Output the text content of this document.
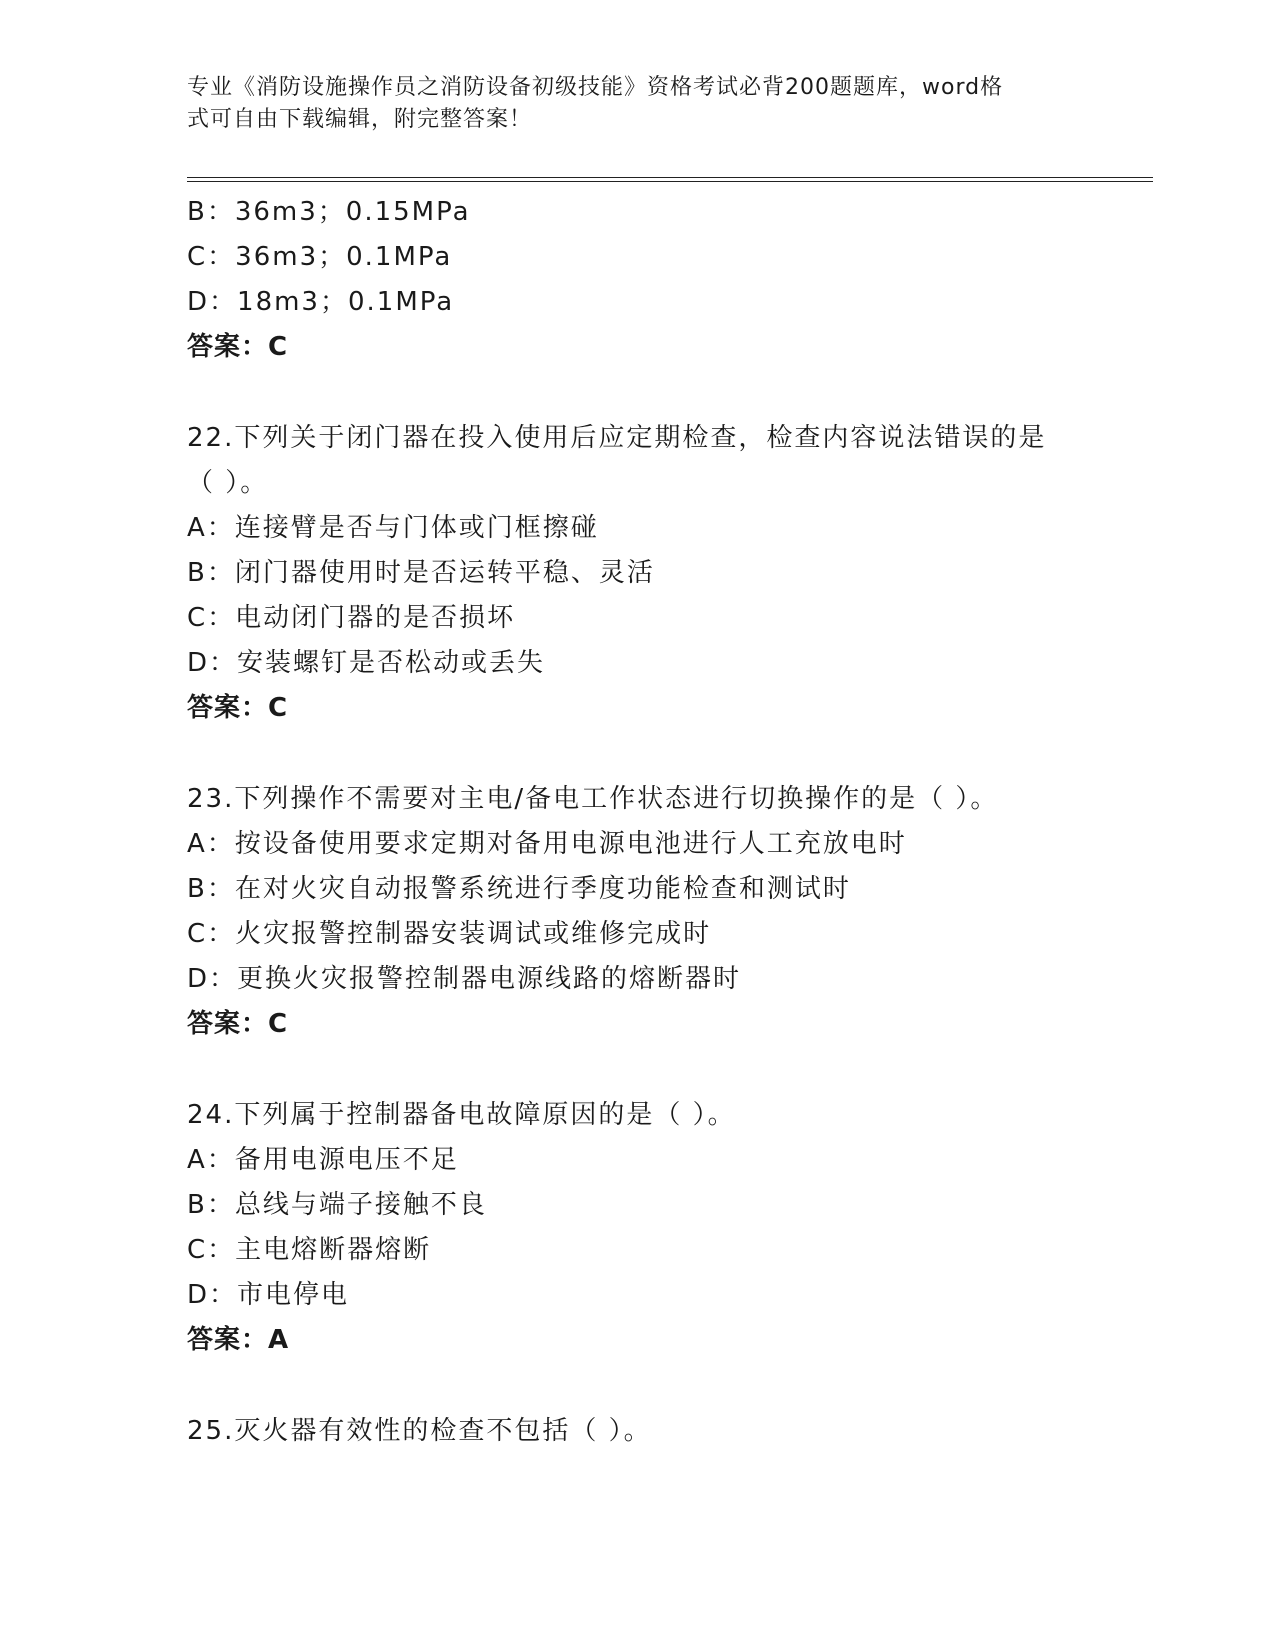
专业《消防设施操作员之消防设备初级技能》资格考试必背200题题库，word格
式可自由下载编辑，附完整答案！
B：36m3；0.15MPa
C：36m3；0.1MPa
D：18m3；0.1MPa
答案：C
22.下列关于闭门器在投入使用后应定期检查，检查内容说法错误的是
（ ）。
A：连接臂是否与门体或门框擦碰
B：闭门器使用时是否运转平稳、灵活
C：电动闭门器的是否损坏
D：安装螺钉是否松动或丢失
答案：C
23.下列操作不需要对主电/备电工作状态进行切换操作的是（ ）。
A：按设备使用要求定期对备用电源电池进行人工充放电时
B：在对火灾自动报警系统进行季度功能检查和测试时
C：火灾报警控制器安装调试或维修完成时
D：更换火灾报警控制器电源线路的熔断器时
答案：C
24.下列属于控制器备电故障原因的是（ ）。
A：备用电源电压不足
B：总线与端子接触不良
C：主电熔断器熔断
D：市电停电
答案：A
25.灭火器有效性的检查不包括（ ）。
